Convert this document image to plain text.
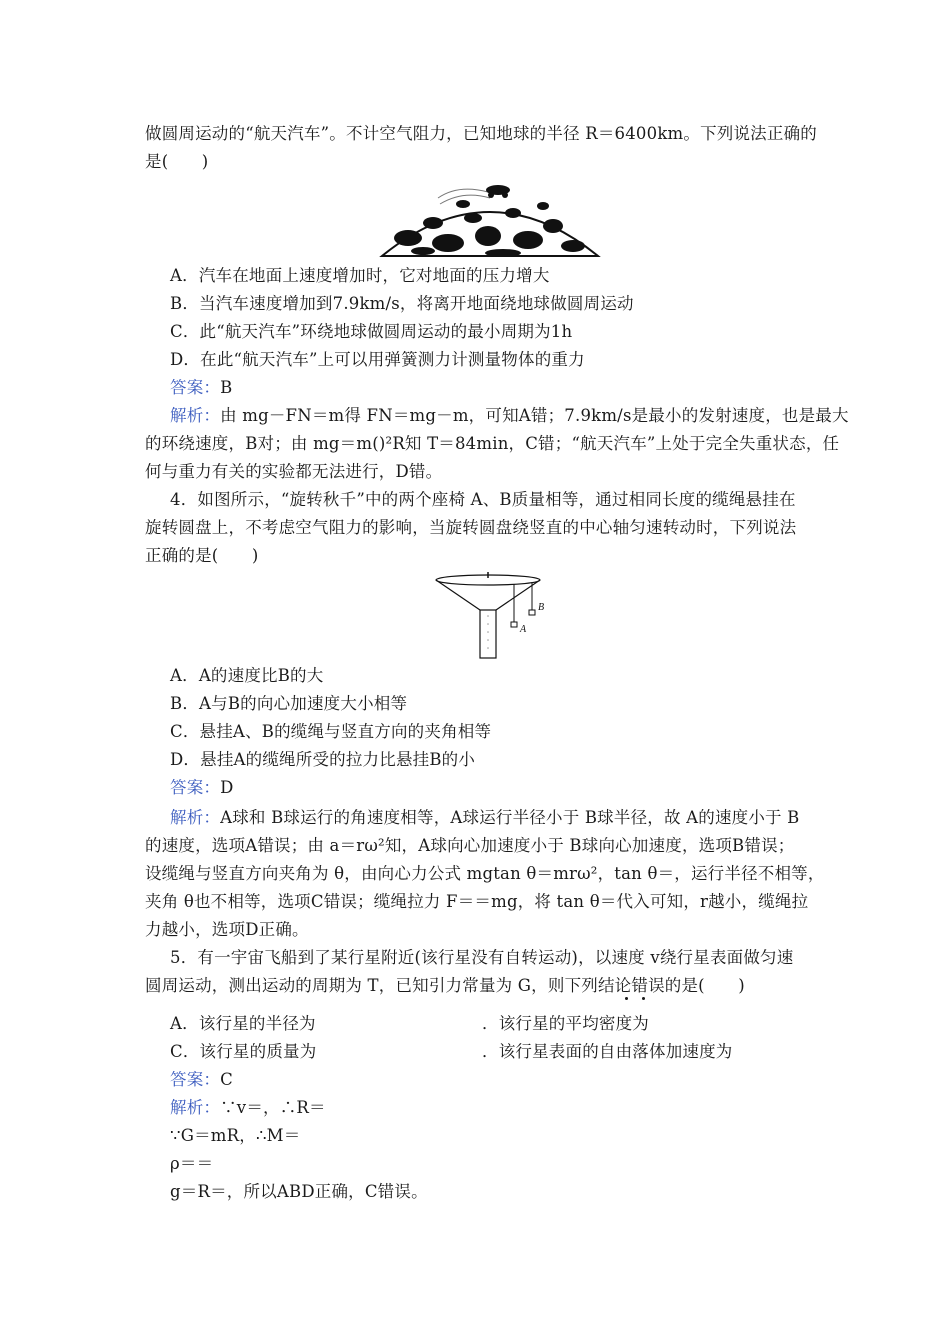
做圆周运动的“航天汽车”。不计空气阻力，已知地球的半径 R＝6400km。下列说法正确的
是(　　)
A．汽车在地面上速度增加时，它对地面的压力增大
B．当汽车速度增加到7.9km/s，将离开地面绕地球做圆周运动
C．此“航天汽车”环绕地球做圆周运动的最小周期为1h
D．在此“航天汽车”上可以用弹簧测力计测量物体的重力
答案：B
解析：由 mg－FN＝m得 FN＝mg－m，可知A错；7.9km/s是最小的发射速度，也是最大
的环绕速度，B对；由 mg＝m()²R知 T＝84min，C错；“航天汽车”上处于完全失重状态，任
何与重力有关的实验都无法进行，D错。
4．如图所示，“旋转秋千”中的两个座椅 A、B质量相等，通过相同长度的缆绳悬挂在
旋转圆盘上，不考虑空气阻力的影响，当旋转圆盘绕竖直的中心轴匀速转动时，下列说法
正确的是(　　)
A
B
A．A的速度比B的大
B．A与B的向心加速度大小相等
C．悬挂A、B的缆绳与竖直方向的夹角相等
D．悬挂A的缆绳所受的拉力比悬挂B的小
答案：D
解析：A球和 B球运行的角速度相等，A球运行半径小于 B球半径，故 A的速度小于 B
的速度，选项A错误；由 a＝rω²知，A球向心加速度小于 B球向心加速度，选项B错误；
设缆绳与竖直方向夹角为 θ，由向心力公式 mgtan θ＝mrω²，tan θ＝，运行半径不相等，
夹角 θ也不相等，选项C错误；缆绳拉力 F＝＝mg，将 tan θ＝代入可知，r越小，缆绳拉
力越小，选项D正确。
5．有一宇宙飞船到了某行星附近(该行星没有自转运动)，以速度 v绕行星表面做匀速
圆周运动，测出运动的周期为 T，已知引力常量为 G，则下列结论错误的是(　　)
A．该行星的半径为	．该行星的平均密度为
C．该行星的质量为	．该行星表面的自由落体加速度为
答案：C
解析：∵v＝，∴R＝
∵G＝mR，∴M＝
ρ＝＝
g＝R＝，所以ABD正确，C错误。
